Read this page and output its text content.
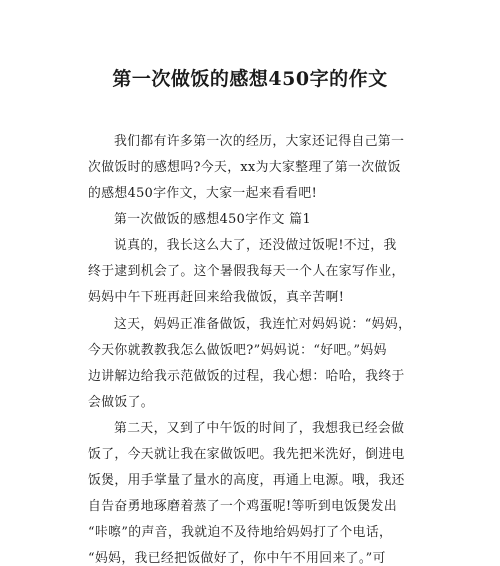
第一次做饭的感想450字的作文
我们都有许多第一次的经历，大家还记得自己第一
次做饭时的感想吗?今天，xx为大家整理了第一次做饭
的感想450字作文，大家一起来看看吧!
第一次做饭的感想450字作文 篇1
说真的，我长这么大了，还没做过饭呢!不过，我
终于逮到机会了。这个暑假我每天一个人在家写作业，
妈妈中午下班再赶回来给我做饭，真辛苦啊!
这天，妈妈正准备做饭，我连忙对妈妈说：“妈妈，
今天你就教教我怎么做饭吧?”妈妈说：“好吧。”妈妈
边讲解边给我示范做饭的过程，我心想：哈哈，我终于
会做饭了。
第二天，又到了中午饭的时间了，我想我已经会做
饭了，今天就让我在家做饭吧。我先把米洗好，倒进电
饭煲，用手掌量了量水的高度，再通上电源。哦，我还
自告奋勇地琢磨着蒸了一个鸡蛋呢!等听到电饭煲发出
“咔嚓”的声音，我就迫不及待地给妈妈打了个电话，
“妈妈，我已经把饭做好了，你中午不用回来了。”可
